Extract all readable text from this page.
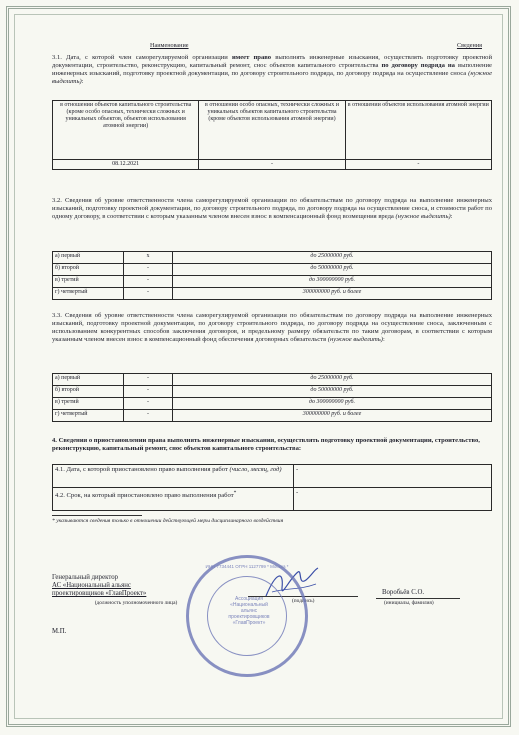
Наименование	Сведения

3.1. Дата, с которой член саморегулируемой организации имеет право выполнять инженерные изыскания, осуществлять подготовку проектной документации, строительство, реконструкцию, капитальный ремонт, снос объектов капитального строительства по договору подряда на выполнение инженерных изысканий, подготовку проектной документации, по договору строительного подряда, по договору подряда на осуществление сноса (нужное выделить):

в отношении объектов капитального строительства (кроме особо опасных, технически сложных и уникальных объектов, объектов использования атомной энергии)	в отношении особо опасных, технически сложных и уникальных объектов капитального строительства (кроме объектов использования атомной энергии)	в отношении объектов использования атомной энергии
08.12.2021	-	-

3.2. Сведения об уровне ответственности члена саморегулируемой организации по обязательствам по договору подряда на выполнение инженерных изысканий, подготовку проектной документации, по договору строительного подряда, по договору подряда на осуществление сноса, и стоимости работ по одному договору, в соответствии с которым указанным членом внесен взнос в компенсационный фонд возмещения вреда (нужное выделить):

а) первый	x	до 25000000 руб.
б) второй	-	до 50000000 руб.
в) третий	-	до 300000000 руб.
г) четвертый	-	300000000 руб. и более

3.3. Сведения об уровне ответственности члена саморегулируемой организации по обязательствам по договору подряда на выполнение инженерных изысканий, подготовку проектной документации, по договору строительного подряда, по договору подряда на осуществление сноса, заключенным с использованием конкурентных способов заключения договоров, и предельному размеру обязательств по таким договорам, в соответствии с которым указанным членом внесен взнос в компенсационный фонд обеспечения договорных обязательств (нужное выделить):

а) первый	-	до 25000000 руб.
б) второй	-	до 50000000 руб.
в) третий	-	до 300000000 руб.
г) четвертый	-	300000000 руб. и более
4. Сведения о приостановлении права выполнять инженерные изыскания, осуществлять подготовку проектной документации, строительство, реконструкцию, капитальный ремонт, снос объектов капитального строительства:
4.1. Дата, с которой приостановлено право выполнения работ (число, месяц, год)	-
4.2. Срок, на который приостановлено право выполнения работ*	-
* указываются сведения только в отношении действующей меры дисциплинарного воздействия
Генеральный директор
АС «Национальный альянс
проектировщиков «ГлавПроект»
(должность уполномоченного лица)	(подпись)
Воробьёв С.О.
(инициалы, фамилия)
М.П.
Ассоциация «Национальный альянс проектировщиков «ГлавПроект»
ИНН 7734441 ОГРН 1127799 * Москва *
